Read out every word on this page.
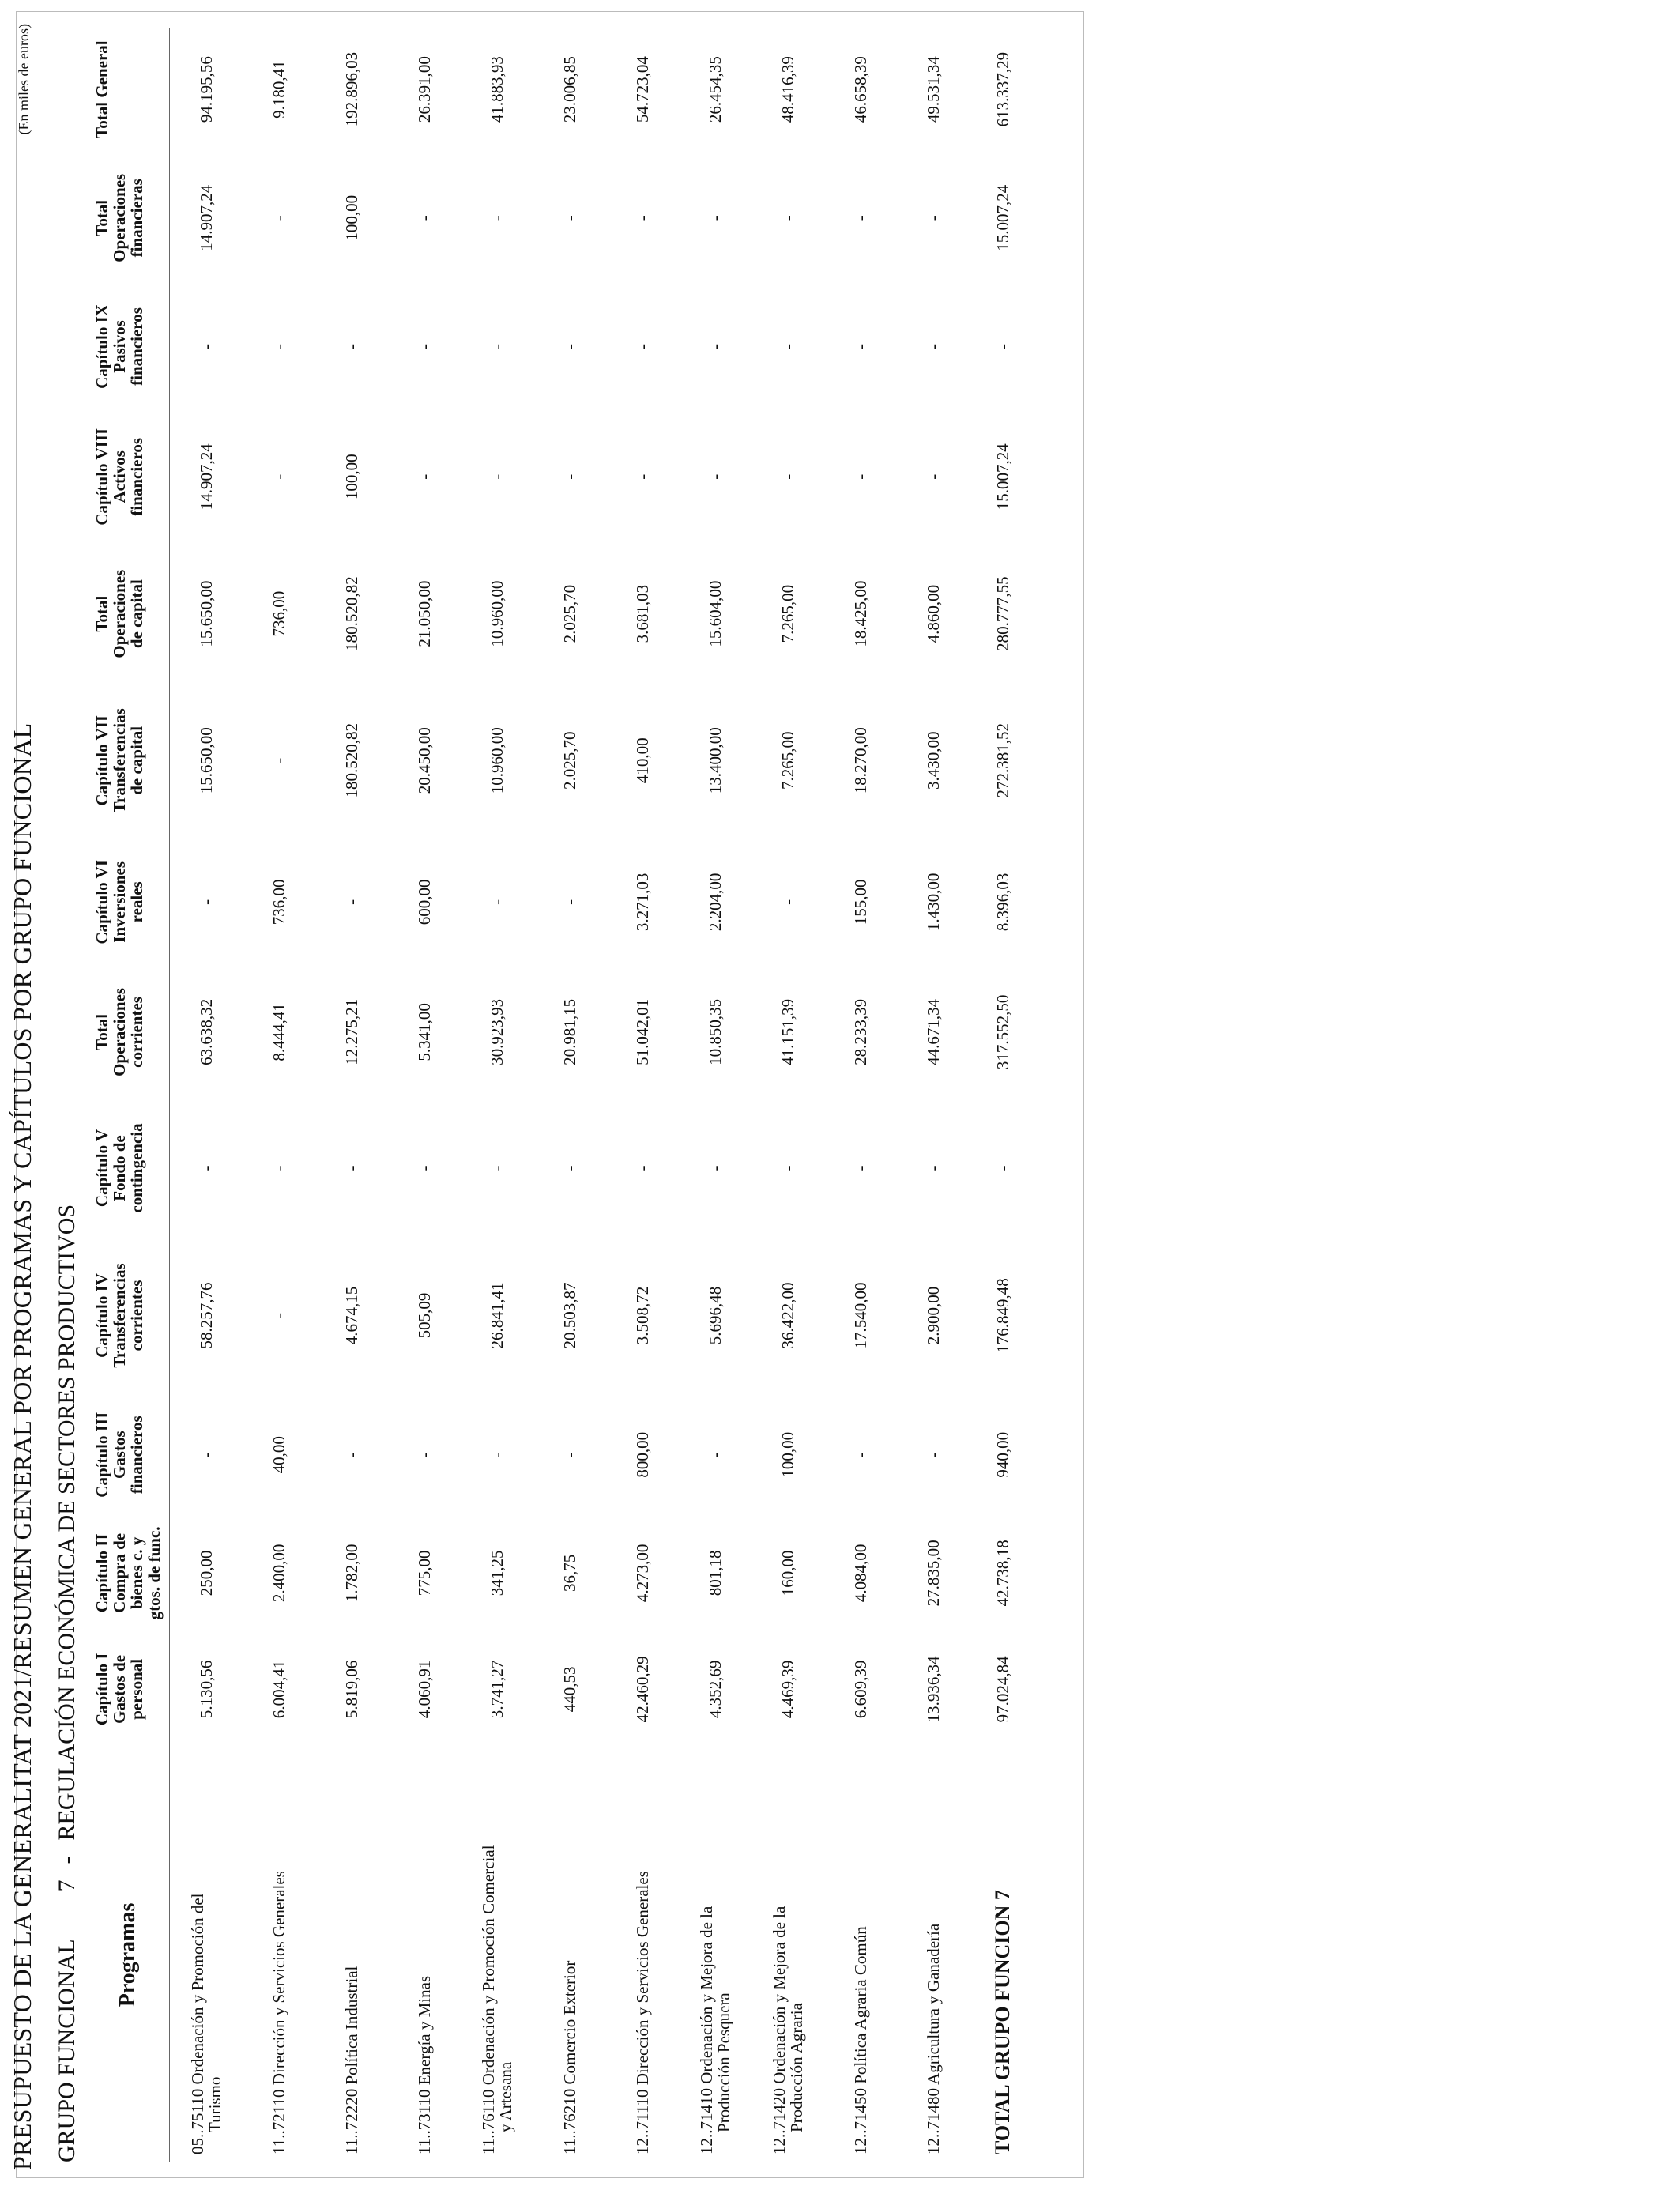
PRESUPUESTO DE LA GENERALITAT 2021/RESUMEN GENERAL POR PROGRAMAS Y CAPÍTULOS POR GRUPO FUNCIONAL
(En miles de euros)
GRUPO FUNCIONAL7-REGULACIÓN ECONÓMICA DE SECTORES PRODUCTIVOS
Programas	Capítulo I
Gastos de
personal	Capítulo II
Compra de
bienes c. y
gtos. de func.	Capítulo III
Gastos
financieros	Capítulo IV
Transferencias
corrientes	Capítulo V
Fondo de
contingencia	Total
Operaciones
corrientes	Capítulo VI
Inversiones
reales	Capítulo VII
Transferencias
de capital	Total
Operaciones
de capital	Capítulo VIII
Activos
financieros	Capítulo IX
Pasivos
financieros	Total
Operaciones
financieras	Total General
05..75110 Ordenación y Promoción del
Turismo	5.130,56	250,00	-	58.257,76	-	63.638,32	-	15.650,00	15.650,00	14.907,24	-	14.907,24	94.195,56
11..72110 Dirección y Servicios Generales	6.004,41	2.400,00	40,00	-	-	8.444,41	736,00	-	736,00	-	-	-	9.180,41
11..72220 Política Industrial	5.819,06	1.782,00	-	4.674,15	-	12.275,21	-	180.520,82	180.520,82	100,00	-	100,00	192.896,03
11..73110 Energía y Minas	4.060,91	775,00	-	505,09	-	5.341,00	600,00	20.450,00	21.050,00	-	-	-	26.391,00
11..76110 Ordenación y Promoción Comercial
y Artesana	3.741,27	341,25	-	26.841,41	-	30.923,93	-	10.960,00	10.960,00	-	-	-	41.883,93
11..76210 Comercio Exterior	440,53	36,75	-	20.503,87	-	20.981,15	-	2.025,70	2.025,70	-	-	-	23.006,85
12..71110 Dirección y Servicios Generales	42.460,29	4.273,00	800,00	3.508,72	-	51.042,01	3.271,03	410,00	3.681,03	-	-	-	54.723,04
12..71410 Ordenación y Mejora de la
Producción Pesquera	4.352,69	801,18	-	5.696,48	-	10.850,35	2.204,00	13.400,00	15.604,00	-	-	-	26.454,35
12..71420 Ordenación y Mejora de la
Producción Agraria	4.469,39	160,00	100,00	36.422,00	-	41.151,39	-	7.265,00	7.265,00	-	-	-	48.416,39
12..71450 Política Agraria Común	6.609,39	4.084,00	-	17.540,00	-	28.233,39	155,00	18.270,00	18.425,00	-	-	-	46.658,39
12..71480 Agricultura y Ganadería	13.936,34	27.835,00	-	2.900,00	-	44.671,34	1.430,00	3.430,00	4.860,00	-	-	-	49.531,34
TOTAL GRUPO FUNCION 7	97.024,84	42.738,18	940,00	176.849,48	-	317.552,50	8.396,03	272.381,52	280.777,55	15.007,24	-	15.007,24	613.337,29
